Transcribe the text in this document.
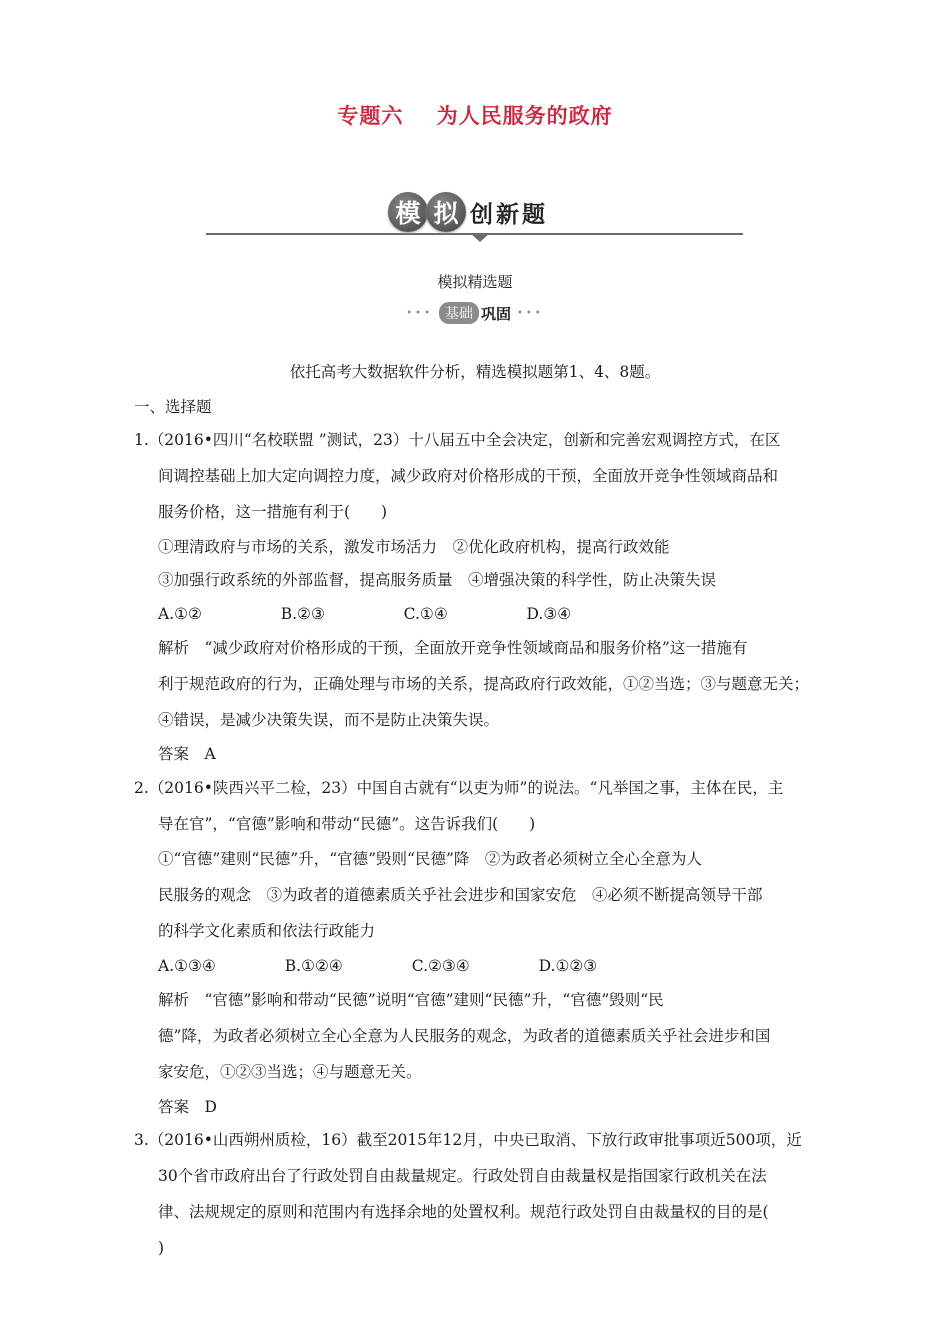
专题六    为人民服务的政府
模 拟 创新题
模拟精选题
••• 基础 巩固 •••
依托高考大数据软件分析，精选模拟题第1、4、8题。
一、选择题
1.（2016•四川“名校联盟 ”测试，23）十八届五中全会决定，创新和完善宏观调控方式，在区
间调控基础上加大定向调控力度，减少政府对价格形成的干预，全面放开竞争性领域商品和
服务价格，这一措施有利于(　　)
①理清政府与市场的关系，激发市场活力　②优化政府机构，提高行政效能
③加强行政系统的外部监督，提高服务质量　④增强决策的科学性，防止决策失误
A.①②                B.②③                C.①④                D.③④
解析　“减少政府对价格形成的干预，全面放开竞争性领域商品和服务价格”这一措施有
利于规范政府的行为，正确处理与市场的关系，提高政府行政效能，①②当选；③与题意无关；
④错误，是减少决策失误，而不是防止决策失误。
答案　A
2.（2016•陕西兴平二检，23）中国自古就有“以吏为师”的说法。“凡举国之事，主体在民，主
导在官”，“官德”影响和带动“民德”。这告诉我们(　　)
①“官德”建则“民德”升，“官德”毁则“民德”降　②为政者必须树立全心全意为人
民服务的观念　③为政者的道德素质关乎社会进步和国家安危　④必须不断提高领导干部
的科学文化素质和依法行政能力
A.①③④              B.①②④              C.②③④              D.①②③
解析　“官德”影响和带动“民德”说明“官德”建则“民德”升，“官德”毁则“民
德”降，为政者必须树立全心全意为人民服务的观念，为政者的道德素质关乎社会进步和国
家安危，①②③当选；④与题意无关。
答案　D
3.（2016•山西朔州质检，16）截至2015年12月，中央已取消、下放行政审批事项近500项，近
30个省市政府出台了行政处罚自由裁量规定。行政处罚自由裁量权是指国家行政机关在法
律、法规规定的原则和范围内有选择余地的处置权利。规范行政处罚自由裁量权的目的是(
)
